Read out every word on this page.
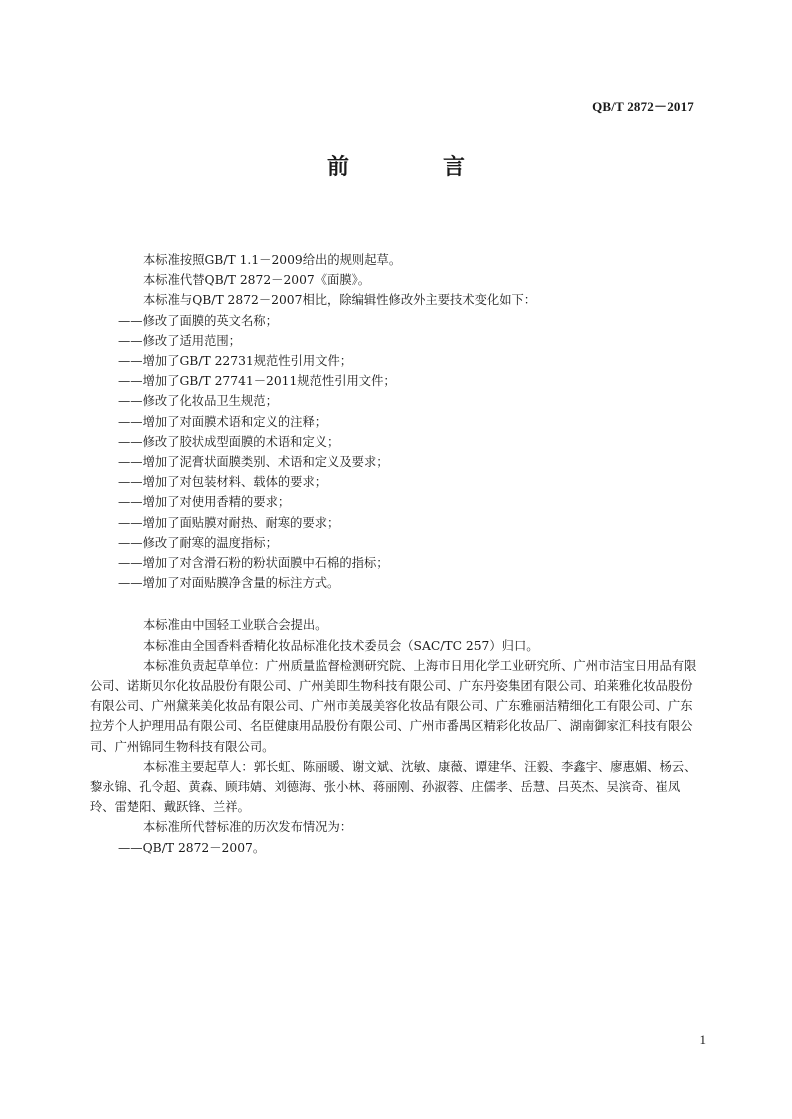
QB/T 2872－2017
前　言

本标准按照GB/T 1.1－2009给出的规则起草。

本标准代替QB/T 2872－2007《面膜》。

本标准与QB/T 2872－2007相比，除编辑性修改外主要技术变化如下：

——修改了面膜的英文名称；

——修改了适用范围；

——增加了GB/T 22731规范性引用文件；

——增加了GB/T 27741－2011规范性引用文件；

——修改了化妆品卫生规范；

——增加了对面膜术语和定义的注释；

——修改了胶状成型面膜的术语和定义；

——增加了泥膏状面膜类别、术语和定义及要求；

——增加了对包装材料、载体的要求；

——增加了对使用香精的要求；

——增加了面贴膜对耐热、耐寒的要求；

——修改了耐寒的温度指标；

——增加了对含滑石粉的粉状面膜中石棉的指标；

——增加了对面贴膜净含量的标注方式。

本标准由中国轻工业联合会提出。

本标准由全国香料香精化妆品标准化技术委员会（SAC/TC 257）归口。

本标准负责起草单位：广州质量监督检测研究院、上海市日用化学工业研究所、广州市洁宝日用品有限公司、诺斯贝尔化妆品股份有限公司、广州美即生物科技有限公司、广东丹姿集团有限公司、珀莱雅化妆品股份有限公司、广州黛莱美化妆品有限公司、广州市美晟美容化妆品有限公司、广东雅丽洁精细化工有限公司、广东拉芳个人护理用品有限公司、名臣健康用品股份有限公司、广州市番禺区精彩化妆品厂、湖南御家汇科技有限公司、广州锦同生物科技有限公司。

本标准主要起草人：郭长虹、陈丽暖、谢文斌、沈敏、康薇、谭建华、汪毅、李鑫宇、廖惠媚、杨云、黎永锦、孔令超、黄森、顾玮婧、刘德海、张小林、蒋丽刚、孙淑蓉、庄儒孝、岳慧、吕英杰、吴滨奇、崔凤玲、雷楚阳、戴跃锋、兰祥。

本标准所代替标准的历次发布情况为：

——QB/T 2872－2007。

1
